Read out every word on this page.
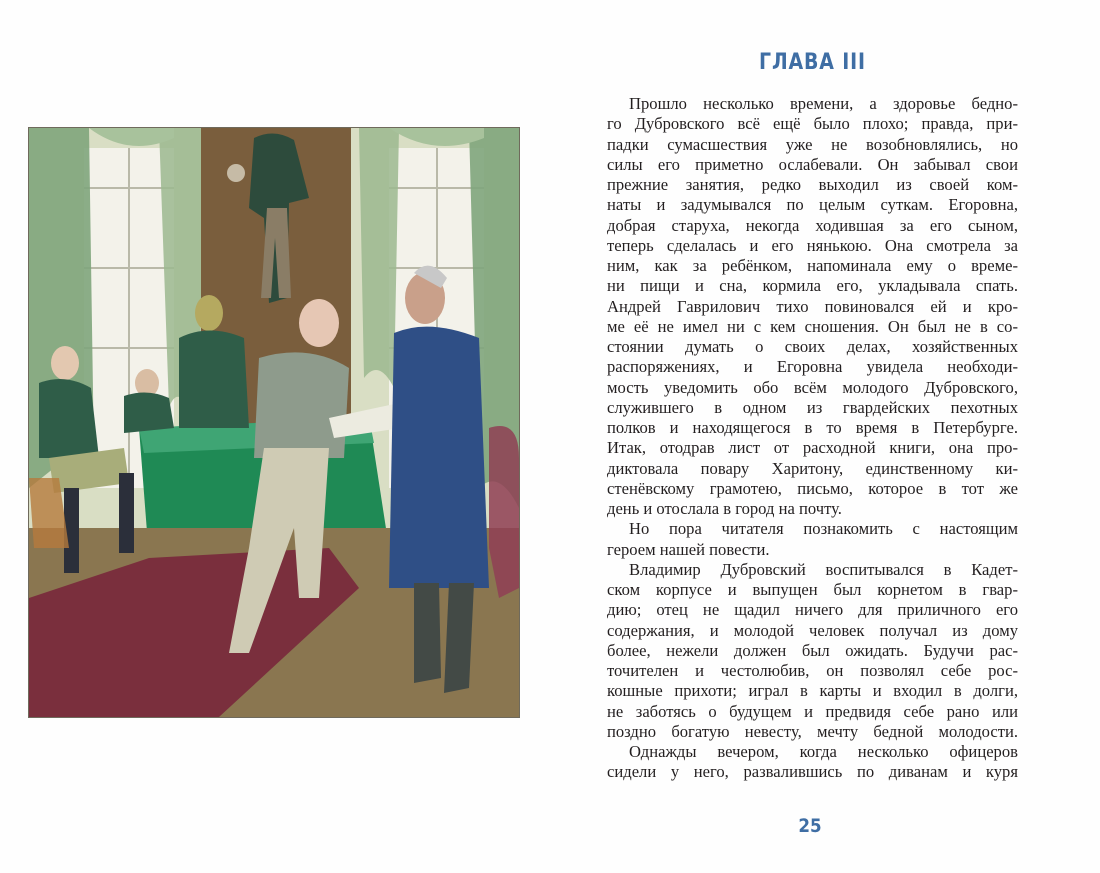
ГЛАВА III
Прошло несколько времени, а здоровье бедно-
го Дубровского всё ещё было плохо; правда, при-
падки сумасшествия уже не возобновлялись, но
силы его приметно ослабевали. Он забывал свои
прежние занятия, редко выходил из своей ком-
наты и задумывался по целым суткам. Егоровна,
добрая старуха, некогда ходившая за его сыном,
теперь сделалась и его нянькою. Она смотрела за
ним, как за ребёнком, напоминала ему о време-
ни пищи и сна, кормила его, укладывала спать.
Андрей Гаврилович тихо повиновался ей и кро-
ме её не имел ни с кем сношения. Он был не в со-
стоянии думать о своих делах, хозяйственных
распоряжениях, и Егоровна увидела необходи-
мость уведомить обо всём молодого Дубровского,
служившего в одном из гвардейских пехотных
полков и находящегося в то время в Петербурге.
Итак, отодрав лист от расходной книги, она про-
диктовала повару Харитону, единственному ки-
стенёвскому грамотею, письмо, которое в тот же
день и отослала в город на почту.
Но пора читателя познакомить с настоящим
героем нашей повести.
Владимир Дубровский воспитывался в Кадет-
ском корпусе и выпущен был корнетом в гвар-
дию; отец не щадил ничего для приличного его
содержания, и молодой человек получал из дому
более, нежели должен был ожидать. Будучи рас-
точителен и честолюбив, он позволял себе рос-
кошные прихоти; играл в карты и входил в долги,
не заботясь о будущем и предвидя себе рано или
поздно богатую невесту, мечту бедной молодости.
Однажды вечером, когда несколько офицеров
сидели у него, развалившись по диванам и куря
25
